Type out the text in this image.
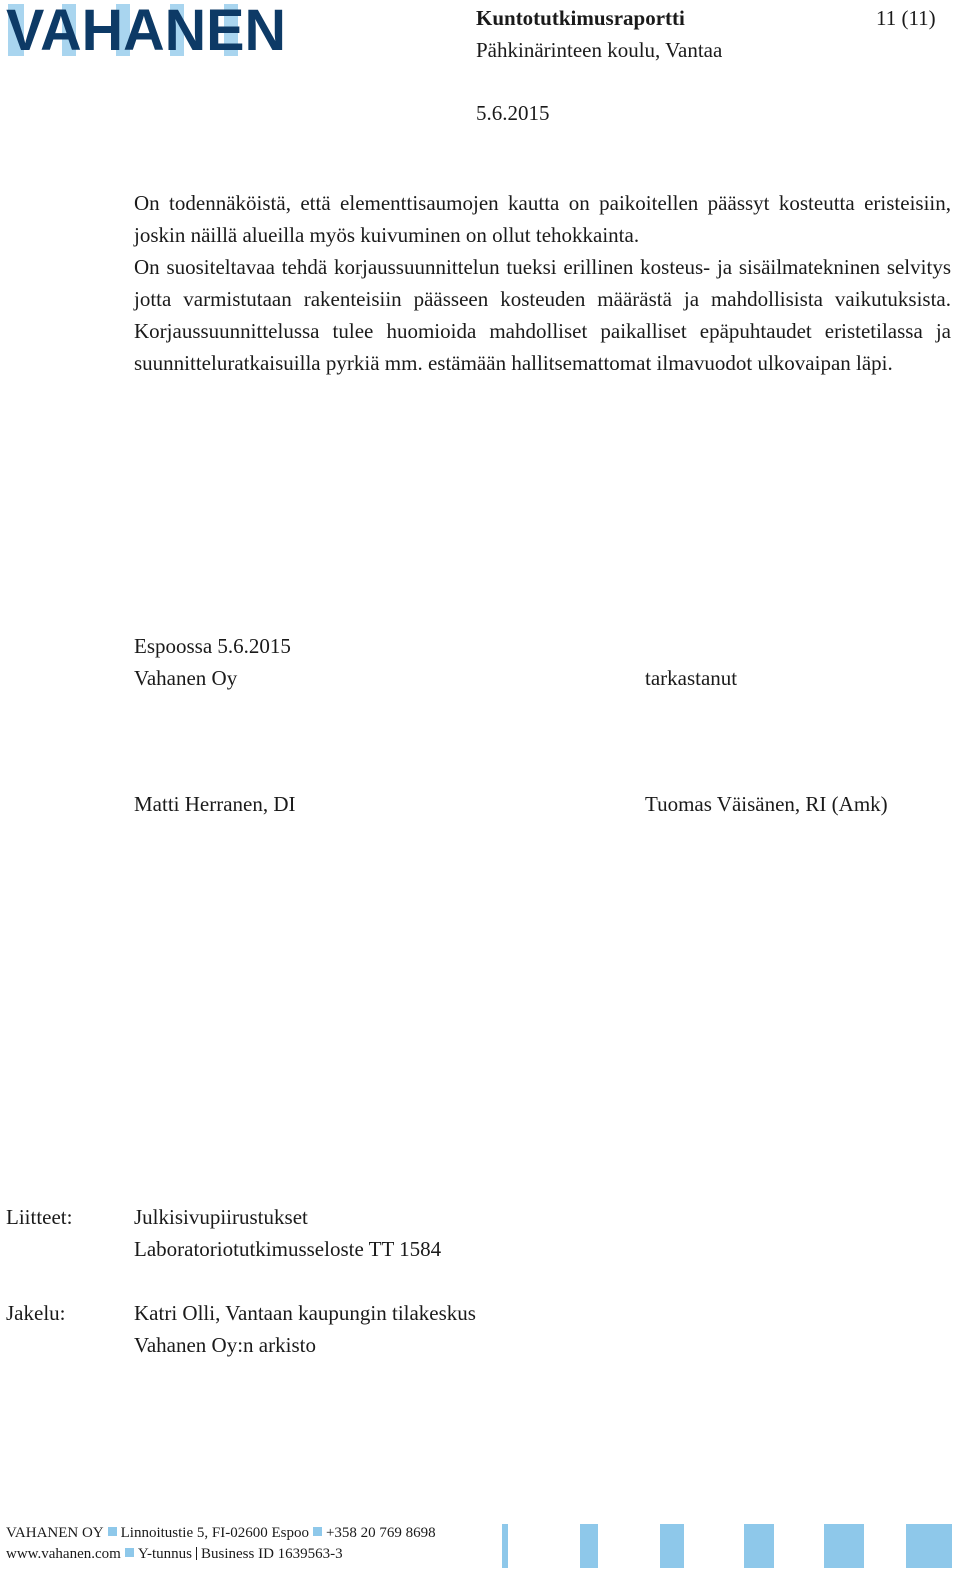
VAHANEN	Kuntotutkimusraportti	11 (11)
Pähkinärinteen koulu, Vantaa
5.6.2015

On todennäköistä, että elementtisaumojen kautta on paikoitellen päässyt kosteutta eristeisiin, joskin näillä alueilla myös kuivuminen on ollut tehokkainta.

On suositeltavaa tehdä korjaussuunnittelun tueksi erillinen kosteus- ja sisäilmatekninen selvitys jotta varmistutaan rakenteisiin päässeen kosteuden määrästä ja mahdollisista vaikutuksista. Korjaussuunnittelussa tulee huomioida mahdolliset paikalliset epäpuhtaudet eristetilassa ja suunnitteluratkaisuilla pyrkiä mm. estämään hallitsemattomat ilmavuodot ulkovaipan läpi.

Espoossa 5.6.2015
Vahanen Oy	tarkastanut
Matti Herranen, DI	Tuomas Väisänen, RI (Amk)
Liitteet:	Julkisivupiirustukset
Laboratoriotutkimusseloste TT 1584
Jakelu:	Katri Olli, Vantaan kaupungin tilakeskus
Vahanen Oy:n arkisto
VAHANEN OY Linnoitustie 5, FI-02600 Espoo +358 20 769 8698
www.vahanen.com Y-tunnus Business ID 1639563-3
